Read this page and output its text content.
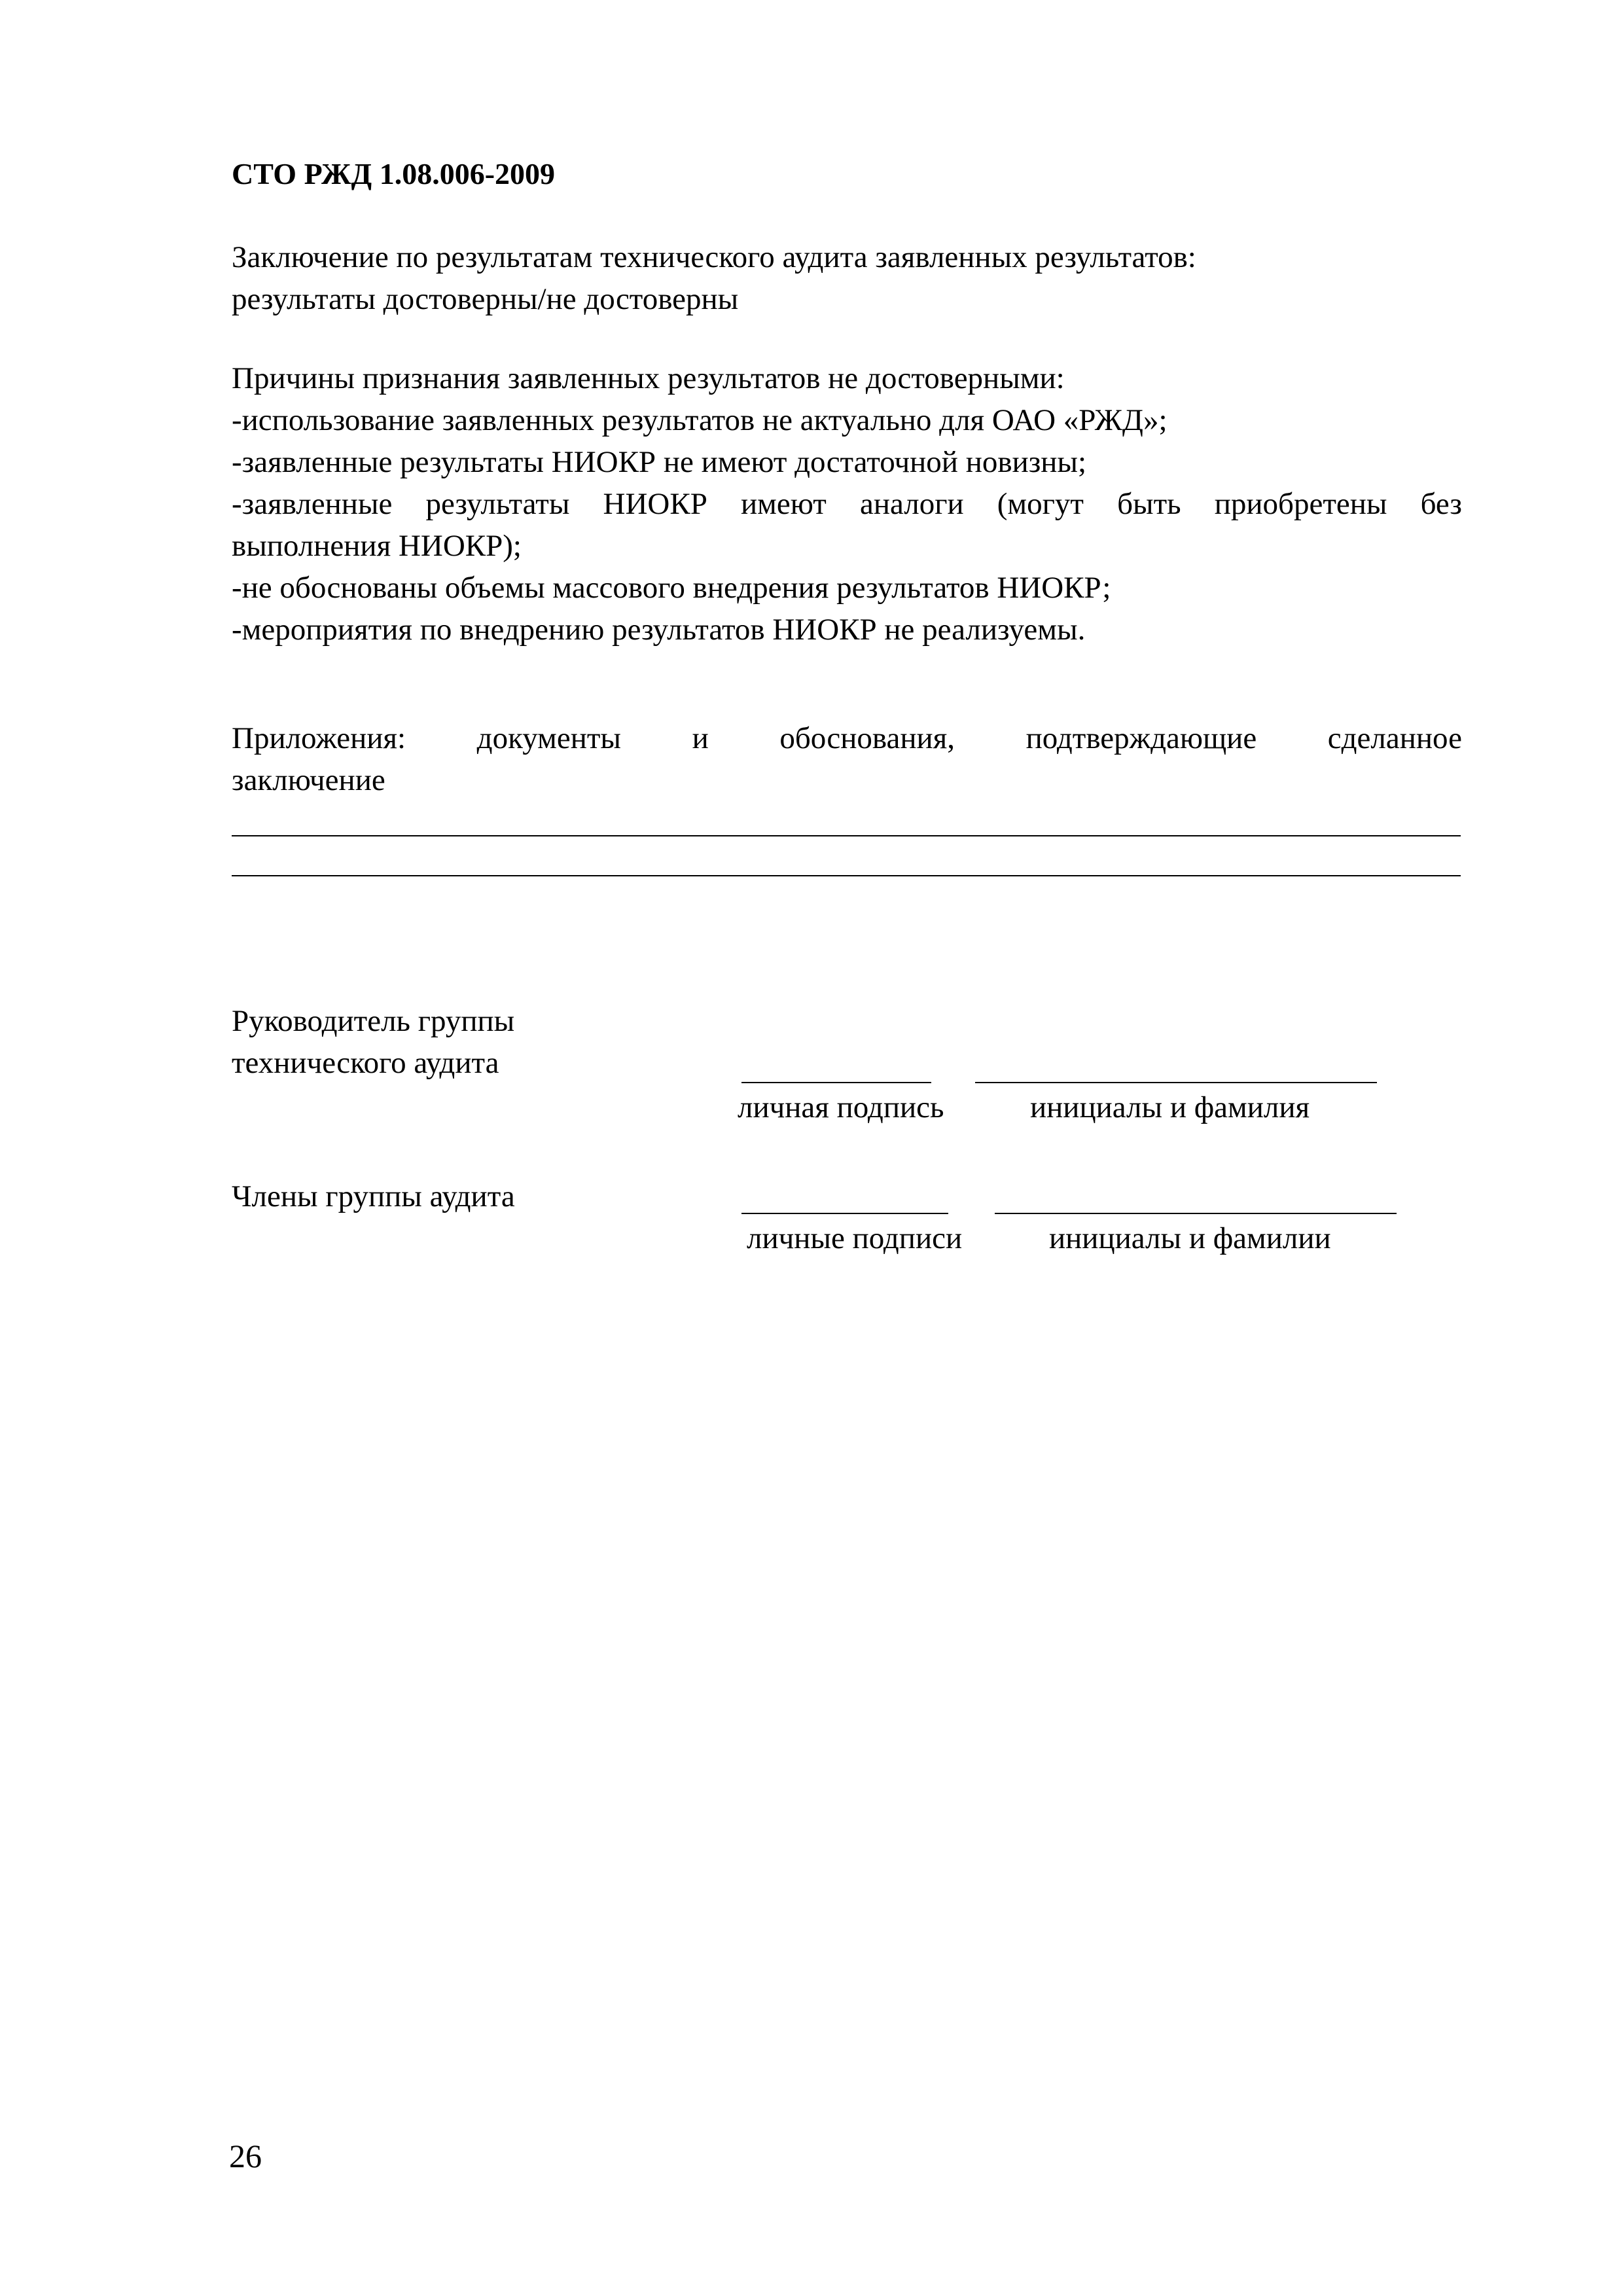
СТО РЖД 1.08.006-2009
Заключение по результатам технического аудита заявленных результатов:
результаты достоверны/не достоверны
Причины признания заявленных результатов не достоверными:
-использование заявленных результатов не актуально для ОАО «РЖД»;
-заявленные результаты НИОКР не имеют достаточной новизны;
-заявленные результаты НИОКР имеют аналоги (могут быть приобретены без
выполнения НИОКР);
-не обоснованы объемы массового внедрения результатов НИОКР;
-мероприятия по внедрению результатов НИОКР не реализуемы.
Приложения: документы и обоснования, подтверждающие сделанное
заключение
Руководитель группы
технического аудита
личная подпись	инициалы и фамилия
Члены группы аудита
личные подписи	инициалы и фамилии
26
